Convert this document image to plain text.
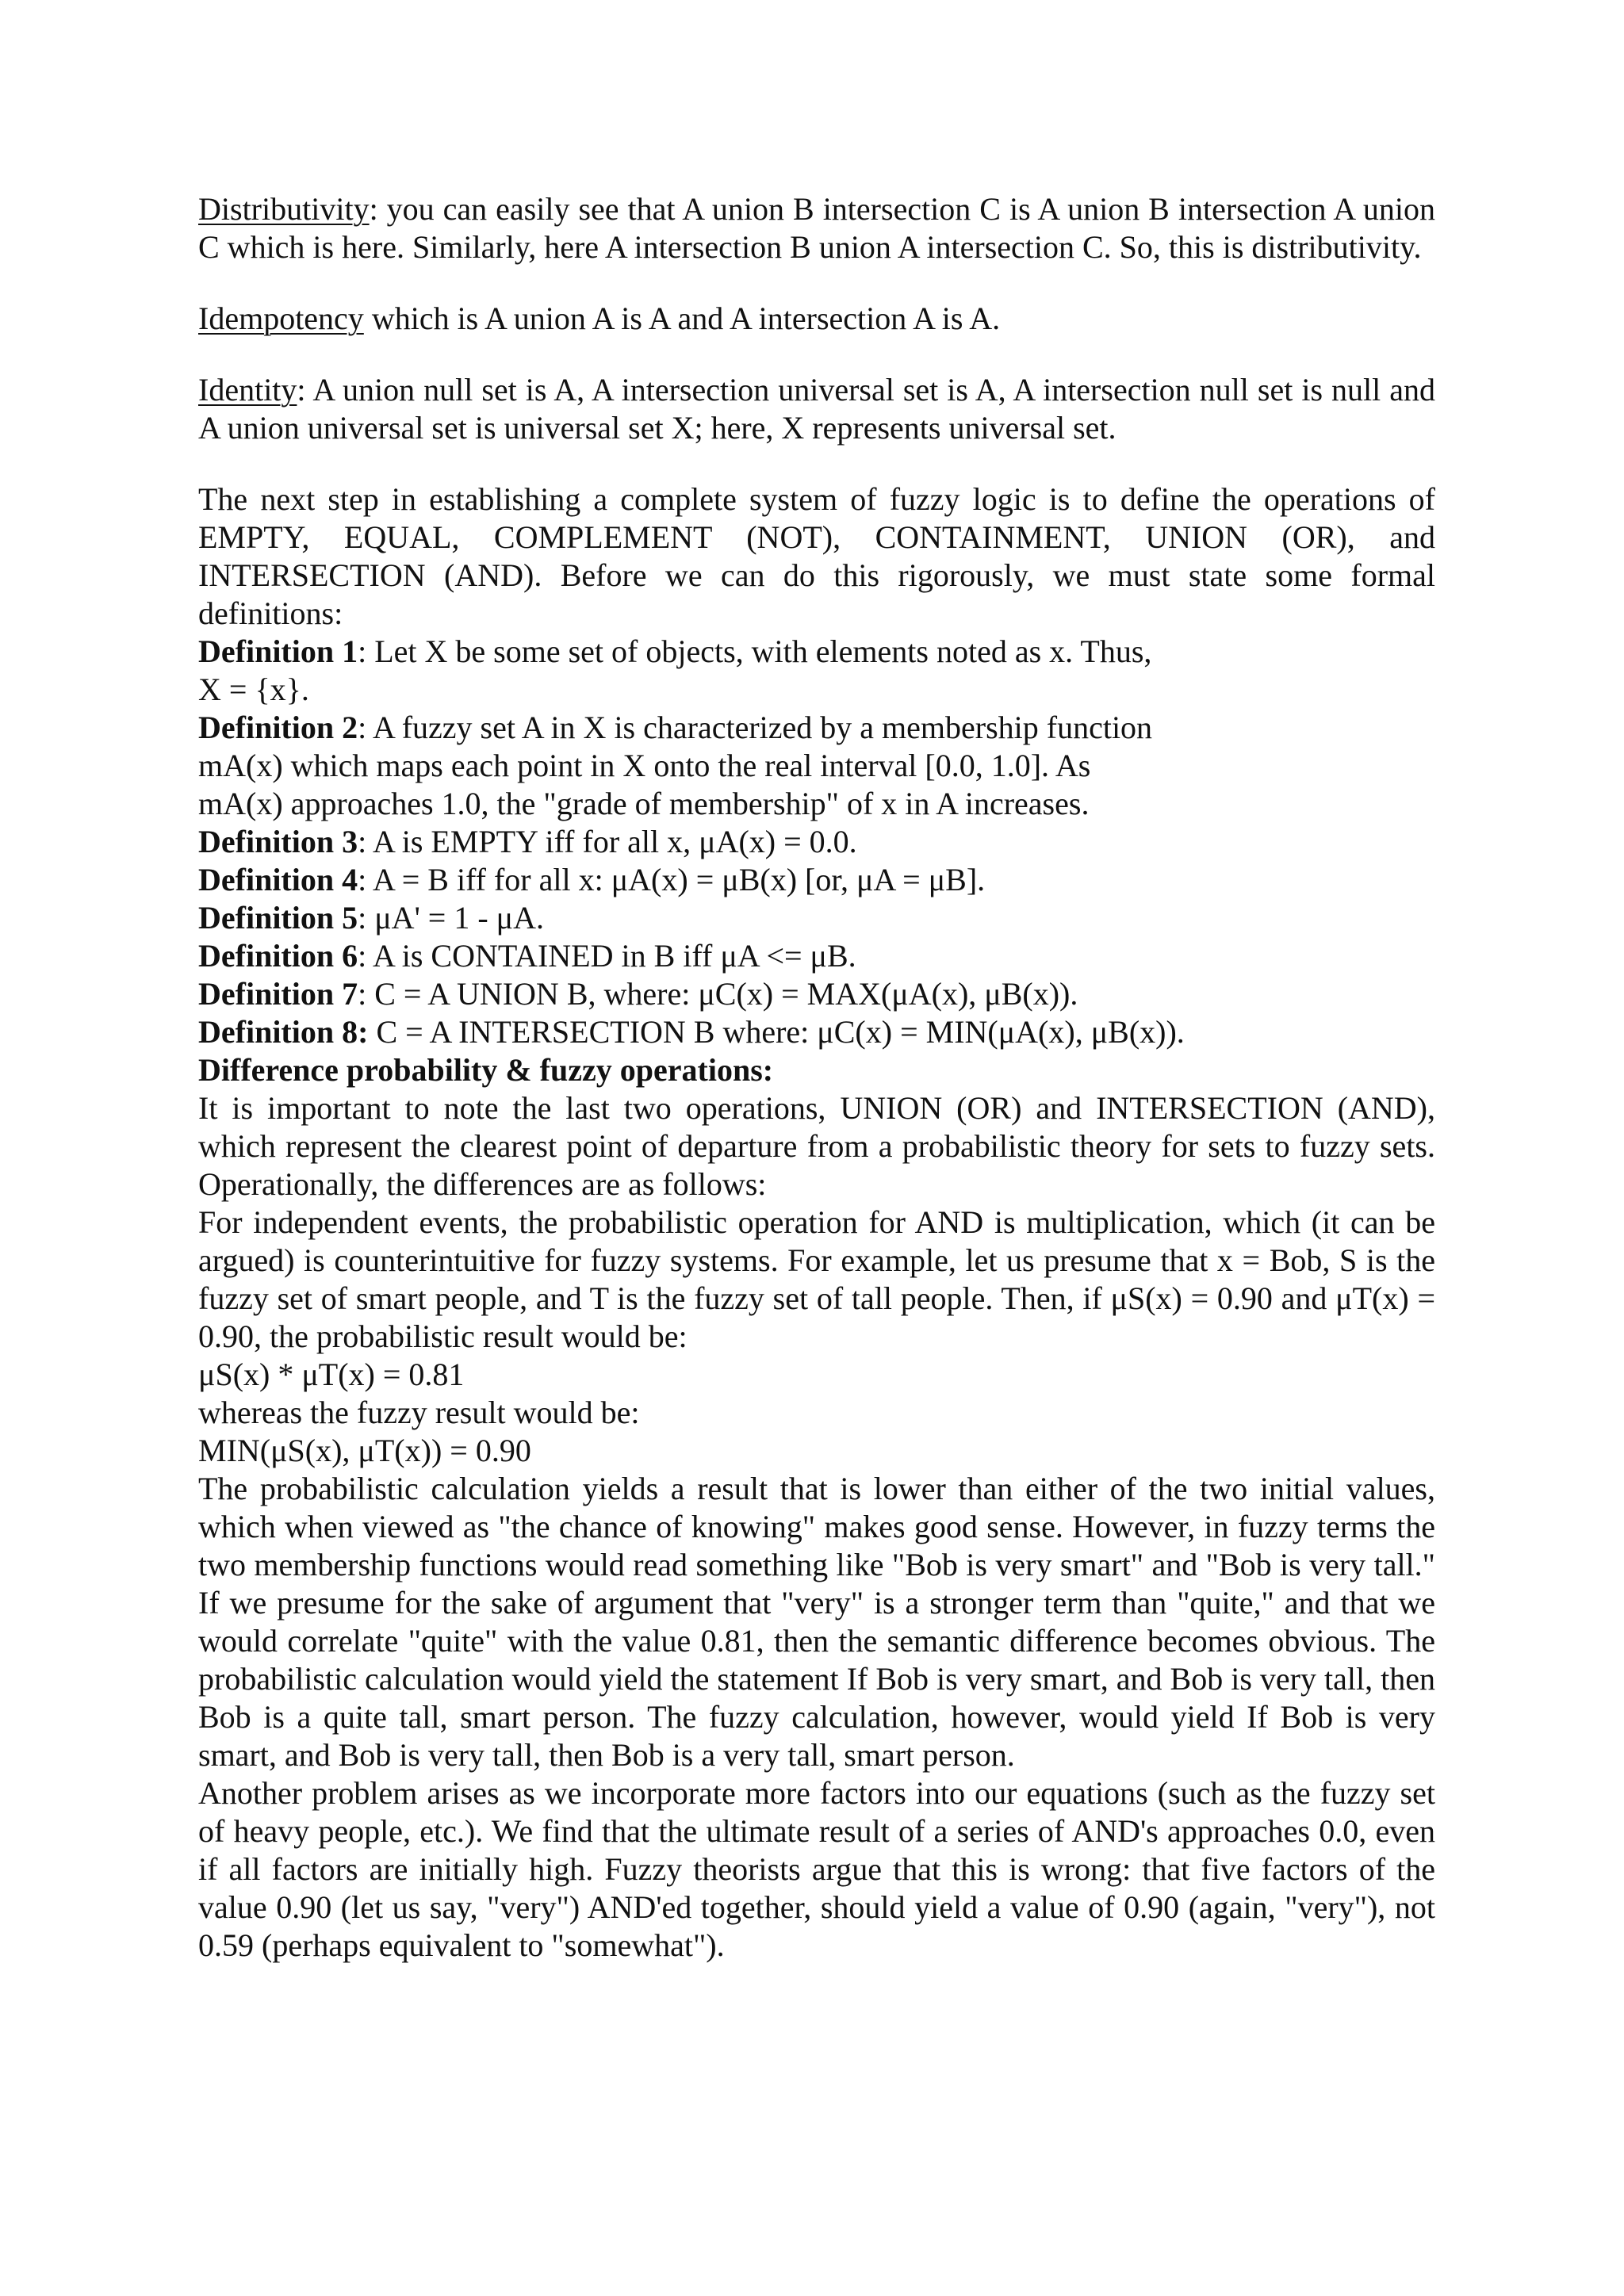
Distributivity: you can easily see that A union B intersection C is A union B intersection A union C which is here. Similarly, here A intersection B union A intersection C. So, this is distributivity.

Idempotency which is A union A is A and A intersection A is A.

Identity: A union null set is A, A intersection universal set is A, A intersection null set is null and A union universal set is universal set X; here, X represents universal set.

The next step in establishing a complete system of fuzzy logic is to define the operations of EMPTY, EQUAL, COMPLEMENT (NOT), CONTAINMENT, UNION (OR), and INTERSECTION (AND). Before we can do this rigorously, we must state some formal definitions:

Definition 1: Let X be some set of objects, with elements noted as x. Thus,

X = {x}.

Definition 2: A fuzzy set A in X is characterized by a membership function

mA(x) which maps each point in X onto the real interval [0.0, 1.0]. As

mA(x) approaches 1.0, the "grade of membership" of x in A increases.

Definition 3: A is EMPTY iff for all x, μA(x) = 0.0.

Definition 4: A = B iff for all x: μA(x) = μB(x) [or, μA = μB].

Definition 5: μA' = 1 - μA.

Definition 6: A is CONTAINED in B iff μA <= μB.

Definition 7: C = A UNION B, where: μC(x) = MAX(μA(x), μB(x)).

Definition 8: C = A INTERSECTION B where: μC(x) = MIN(μA(x), μB(x)).

Difference probability & fuzzy operations:

It is important to note the last two operations, UNION (OR) and INTERSECTION (AND), which represent the clearest point of departure from a probabilistic theory for sets to fuzzy sets. Operationally, the differences are as follows:

For independent events, the probabilistic operation for AND is multiplication, which (it can be argued) is counterintuitive for fuzzy systems. For example, let us presume that x = Bob, S is the fuzzy set of smart people, and T is the fuzzy set of tall people. Then, if μS(x) = 0.90 and μT(x) = 0.90, the probabilistic result would be:

μS(x) * μT(x) = 0.81

whereas the fuzzy result would be:

MIN(μS(x), μT(x)) = 0.90

The probabilistic calculation yields a result that is lower than either of the two initial values, which when viewed as "the chance of knowing" makes good sense. However, in fuzzy terms the two membership functions would read something like "Bob is very smart" and "Bob is very tall." If we presume for the sake of argument that "very" is a stronger term than "quite," and that we would correlate "quite" with the value 0.81, then the semantic difference becomes obvious. The probabilistic calculation would yield the statement If Bob is very smart, and Bob is very tall, then Bob is a quite tall, smart person. The fuzzy calculation, however, would yield If Bob is very smart, and Bob is very tall, then Bob is a very tall, smart person.

Another problem arises as we incorporate more factors into our equations (such as the fuzzy set of heavy people, etc.). We find that the ultimate result of a series of AND's approaches 0.0, even if all factors are initially high. Fuzzy theorists argue that this is wrong: that five factors of the value 0.90 (let us say, "very") AND'ed together, should yield a value of 0.90 (again, "very"), not 0.59 (perhaps equivalent to "somewhat").
